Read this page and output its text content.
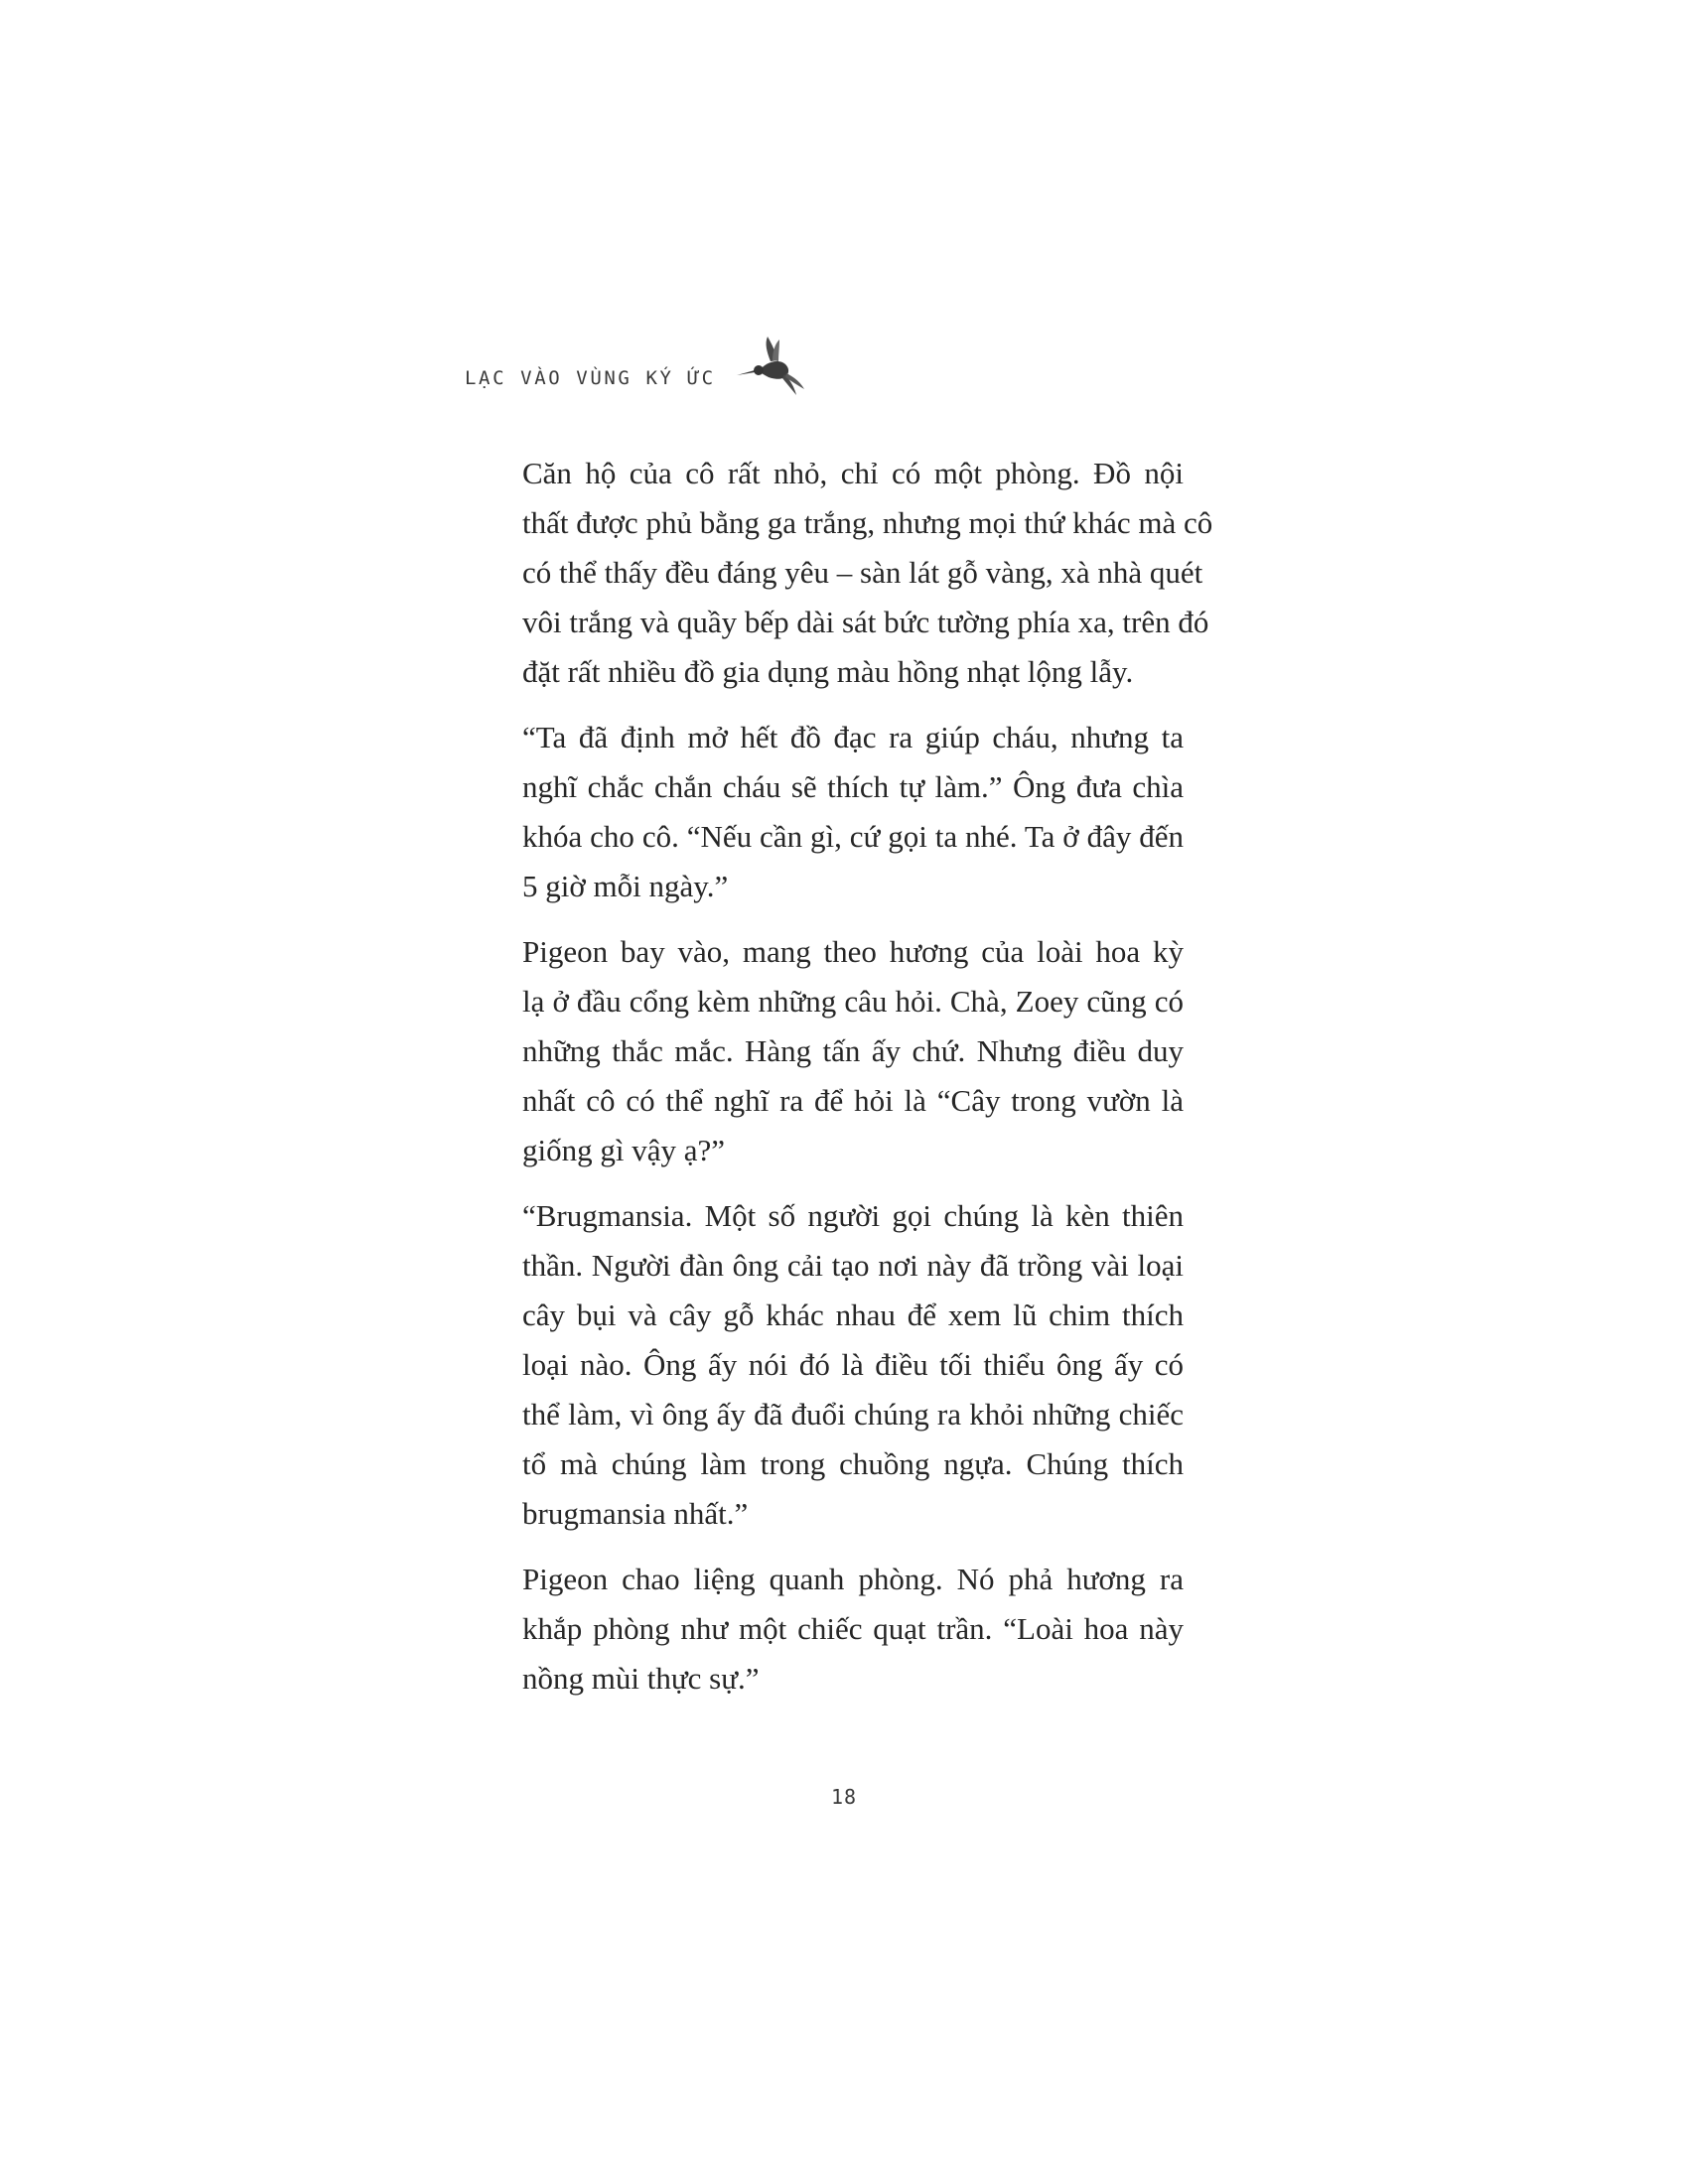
LẠC VÀO VÙNG KÝ ỨC
Căn hộ của cô rất nhỏ, chỉ có một phòng. Đồ nội
thất được phủ bằng ga trắng, nhưng mọi thứ khác mà cô
có thể thấy đều đáng yêu – sàn lát gỗ vàng, xà nhà quét
vôi trắng và quầy bếp dài sát bức tường phía xa, trên đó
đặt rất nhiều đồ gia dụng màu hồng nhạt lộng lẫy.
“Ta đã định mở hết đồ đạc ra giúp cháu, nhưng ta
nghĩ chắc chắn cháu sẽ thích tự làm.” Ông đưa chìa
khóa cho cô. “Nếu cần gì, cứ gọi ta nhé. Ta ở đây đến
5 giờ mỗi ngày.”
Pigeon bay vào, mang theo hương của loài hoa kỳ
lạ ở đầu cổng kèm những câu hỏi. Chà, Zoey cũng có
những thắc mắc. Hàng tấn ấy chứ. Nhưng điều duy
nhất cô có thể nghĩ ra để hỏi là “Cây trong vườn là
giống gì vậy ạ?”
“Brugmansia. Một số người gọi chúng là kèn thiên
thần. Người đàn ông cải tạo nơi này đã trồng vài loại
cây bụi và cây gỗ khác nhau để xem lũ chim thích
loại nào. Ông ấy nói đó là điều tối thiểu ông ấy có
thể làm, vì ông ấy đã đuổi chúng ra khỏi những chiếc
tổ mà chúng làm trong chuồng ngựa. Chúng thích
brugmansia nhất.”
Pigeon chao liệng quanh phòng. Nó phả hương ra
khắp phòng như một chiếc quạt trần. “Loài hoa này
nồng mùi thực sự.”
18
